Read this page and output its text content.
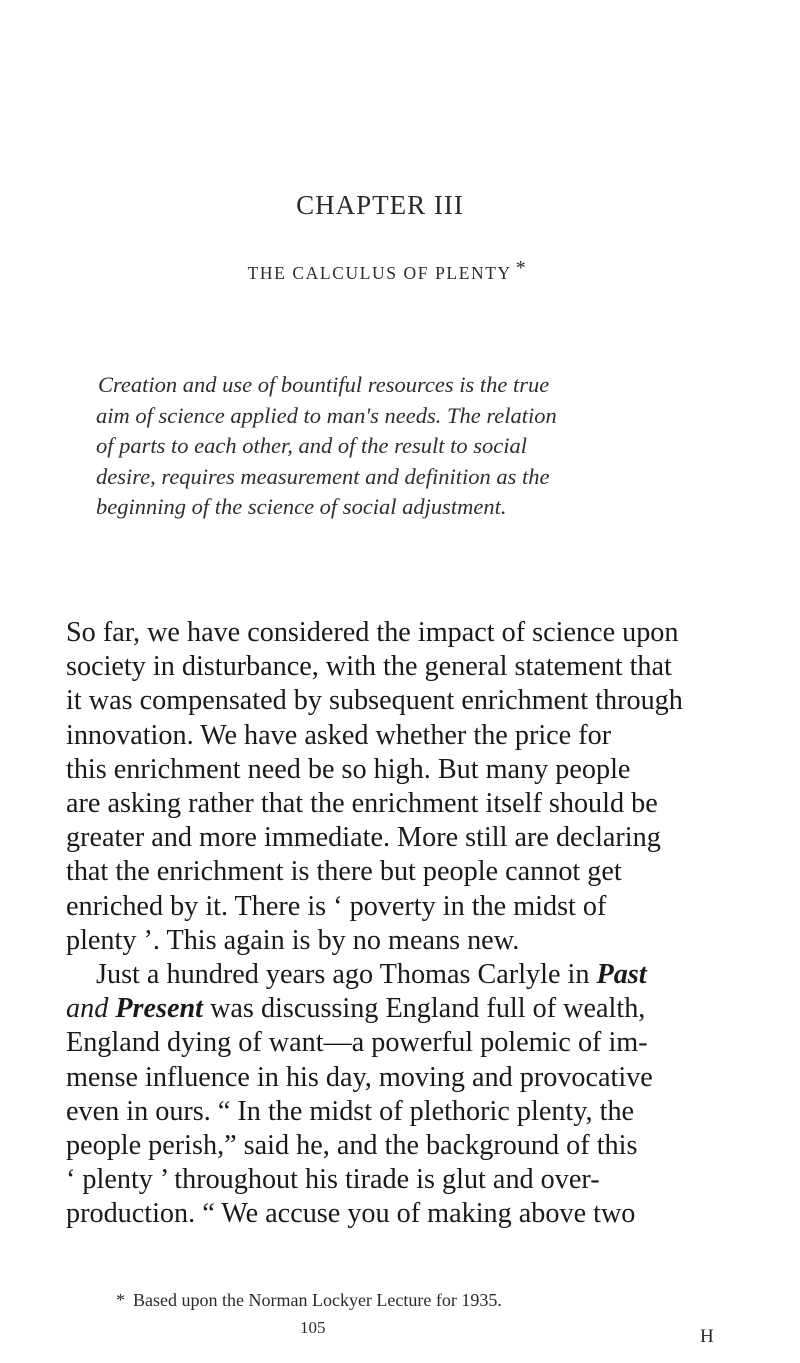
CHAPTER III
THE CALCULUS OF PLENTY *
Creation and use of bountiful resources is the true
aim of science applied to man's needs. The relation
of parts to each other, and of the result to social
desire, requires measurement and definition as the
beginning of the science of social adjustment.
So far, we have considered the impact of science upon
society in disturbance, with the general statement that
it was compensated by subsequent enrichment through
innovation. We have asked whether the price for
this enrichment need be so high. But many people
are asking rather that the enrichment itself should be
greater and more immediate. More still are declaring
that the enrichment is there but people cannot get
enriched by it. There is ‘ poverty in the midst of
plenty ’. This again is by no means new.
Just a hundred years ago Thomas Carlyle in Past
and Present was discussing England full of wealth,
England dying of want—a powerful polemic of im-
mense influence in his day, moving and provocative
even in ours. “ In the midst of plethoric plenty, the
people perish,” said he, and the background of this
‘ plenty ’ throughout his tirade is glut and over-
production. “ We accuse you of making above two
* Based upon the Norman Lockyer Lecture for 1935.
105	H
